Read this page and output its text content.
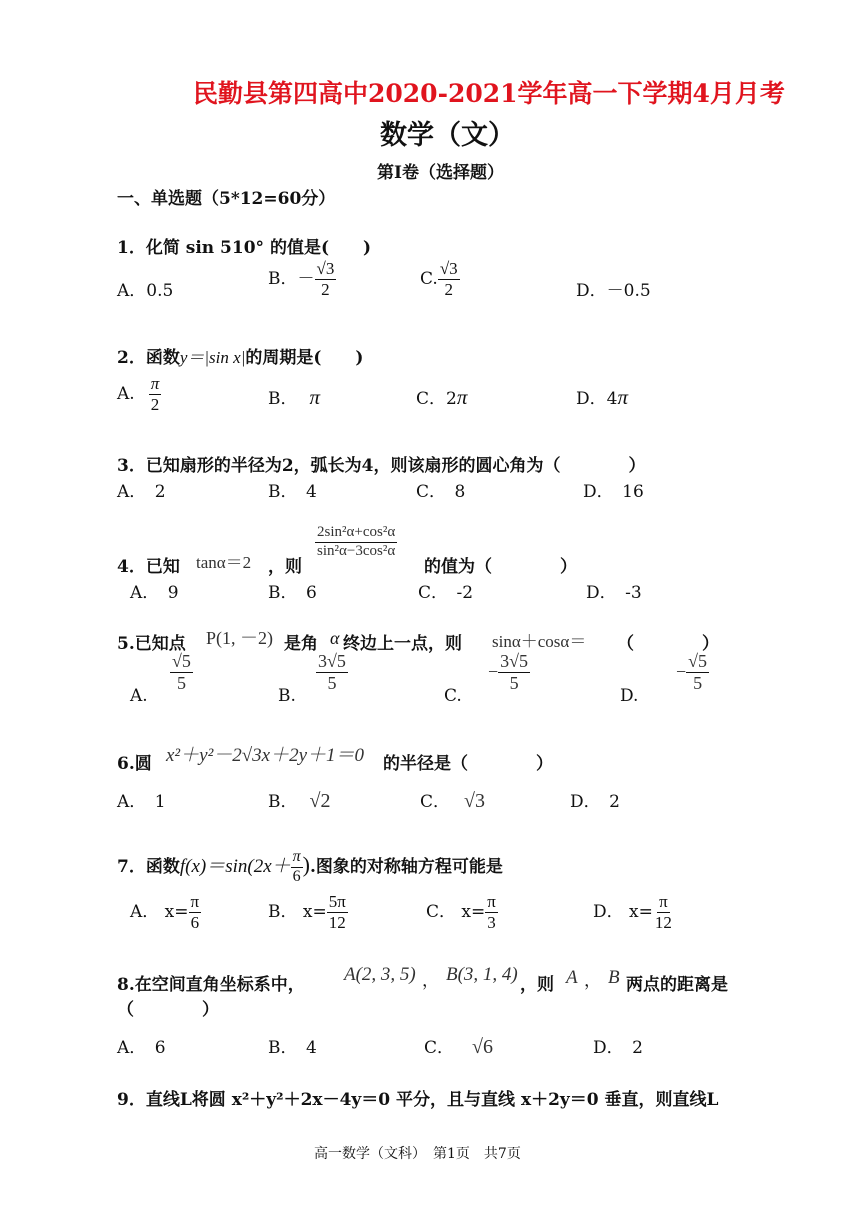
民勤县第四高中2020-2021学年高一下学期4月月考
数学（文）
第Ⅰ卷（选择题）
一、单选题（5*12=60分）
1．化简 sin 510° 的值是(　　)
A．0.5
B．－ $\frac{√3}{2}$	C. $\frac{√3}{2}$	D．－0.5
2．函数y＝|sin x|的周期是(　　)
A. $\frac{\pi}{2}$	B． π	C．2π	D．4π
3．已知扇形的半径为2，弧长为4，则该扇形的圆心角为（　　　　）
A．　2	B．　4	C．　8	D．　16
4．已知 tanα＝2 ，则
$\frac{\text{2sin²α+cos²α}}{\text{sin²α−3cos²α}}$
的值为（　　　　）
A．　9	B．　6	C．　-2	D．　-3
5.已知点 P(1, －2) 是角 α 终边上一点，则 sinα＋cosα＝ （　　　　）
A.
$\frac{√5}{5}$
B.
$\frac{3√5}{5}$
C.
− $\frac{3√5}{5}$
D.
− $\frac{√5}{5}$
6.圆 x²＋y²－2√3x＋2y＋1＝0 的半径是（　　　　）
A．　1	B． √2	C． √3	D．　2
7．函数$f(x)=\sin(2x+ \frac{\pi}{6}$ ).图象的对称轴方程可能是
A． $x= \frac{\pi}{6}$	B． $x= \frac{5\pi}{12}$	C． $x= \frac{\pi}{3}$	D． $x= \frac{\pi}{12}$
8.在空间直角坐标系中， A(2, 3, 5) ， B(3, 1, 4) ，则 A ， B 两点的距离是
（　　　　）
A．　6	B．　4	C． √6	D．　2
9．直线L将圆 x²＋y²＋2x－4y＝0 平分，且与直线 x＋2y＝0 垂直，则直线L
高一数学（文科）　第1页　共7页
